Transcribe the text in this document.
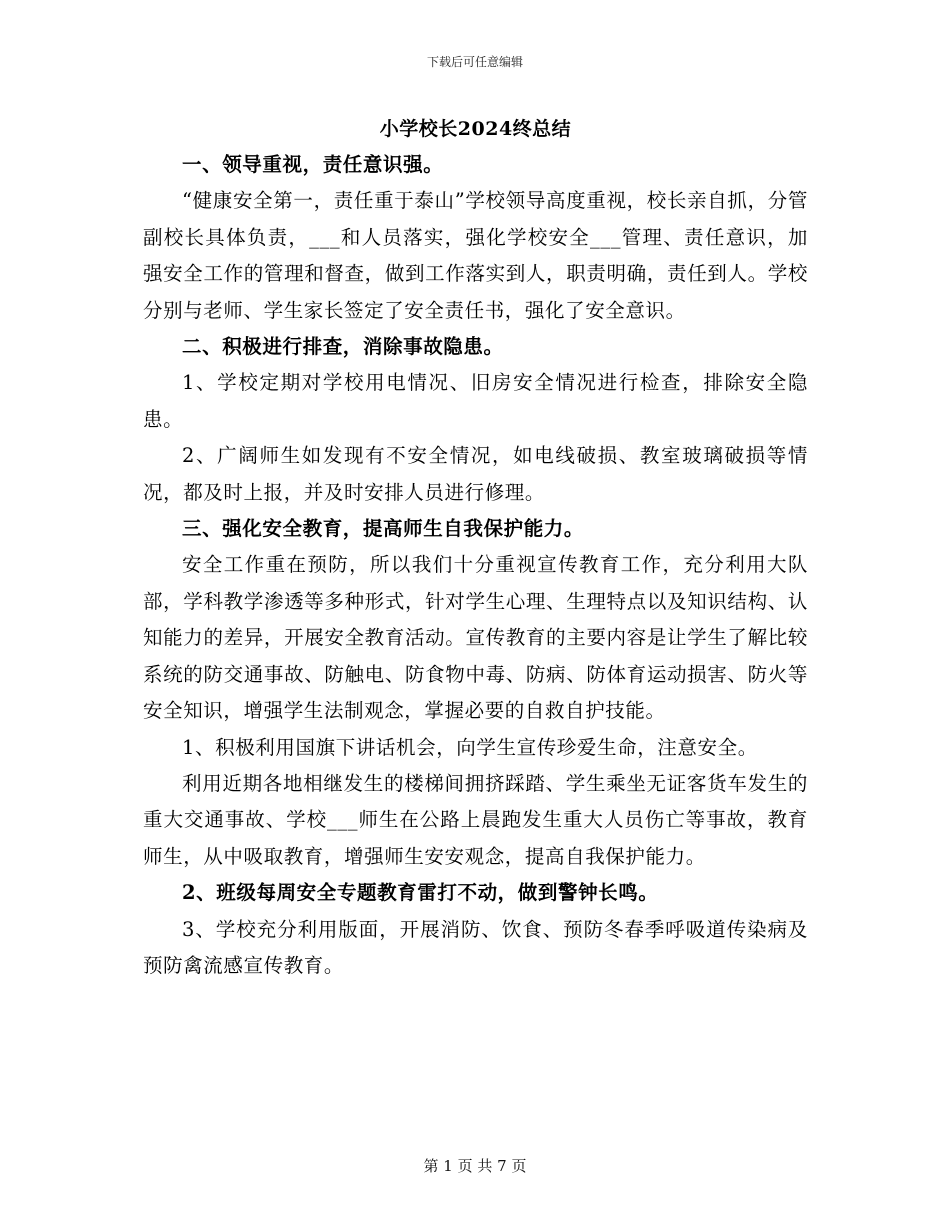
下载后可任意编辑
小学校长2024终总结

一、领导重视，责任意识强。

“健康安全第一，责任重于泰山”学校领导高度重视，校长亲自抓，分管副校长具体负责，___和人员落实，强化学校安全___管理、责任意识，加强安全工作的管理和督查，做到工作落实到人，职责明确，责任到人。学校分别与老师、学生家长签定了安全责任书，强化了安全意识。

二、积极进行排查，消除事故隐患。

1、学校定期对学校用电情况、旧房安全情况进行检查，排除安全隐患。

2、广阔师生如发现有不安全情况，如电线破损、教室玻璃破损等情况，都及时上报，并及时安排人员进行修理。

三、强化安全教育，提高师生自我保护能力。

安全工作重在预防，所以我们十分重视宣传教育工作，充分利用大队部，学科教学渗透等多种形式，针对学生心理、生理特点以及知识结构、认知能力的差异，开展安全教育活动。宣传教育的主要内容是让学生了解比较系统的防交通事故、防触电、防食物中毒、防病、防体育运动损害、防火等安全知识，增强学生法制观念，掌握必要的自救自护技能。

1、积极利用国旗下讲话机会，向学生宣传珍爱生命，注意安全。

利用近期各地相继发生的楼梯间拥挤踩踏、学生乘坐无证客货车发生的重大交通事故、学校___师生在公路上晨跑发生重大人员伤亡等事故，教育师生，从中吸取教育，增强师生安安观念，提高自我保护能力。

2、班级每周安全专题教育雷打不动，做到警钟长鸣。

3、学校充分利用版面，开展消防、饮食、预防冬春季呼吸道传染病及预防禽流感宣传教育。

第 1 页 共 7 页
